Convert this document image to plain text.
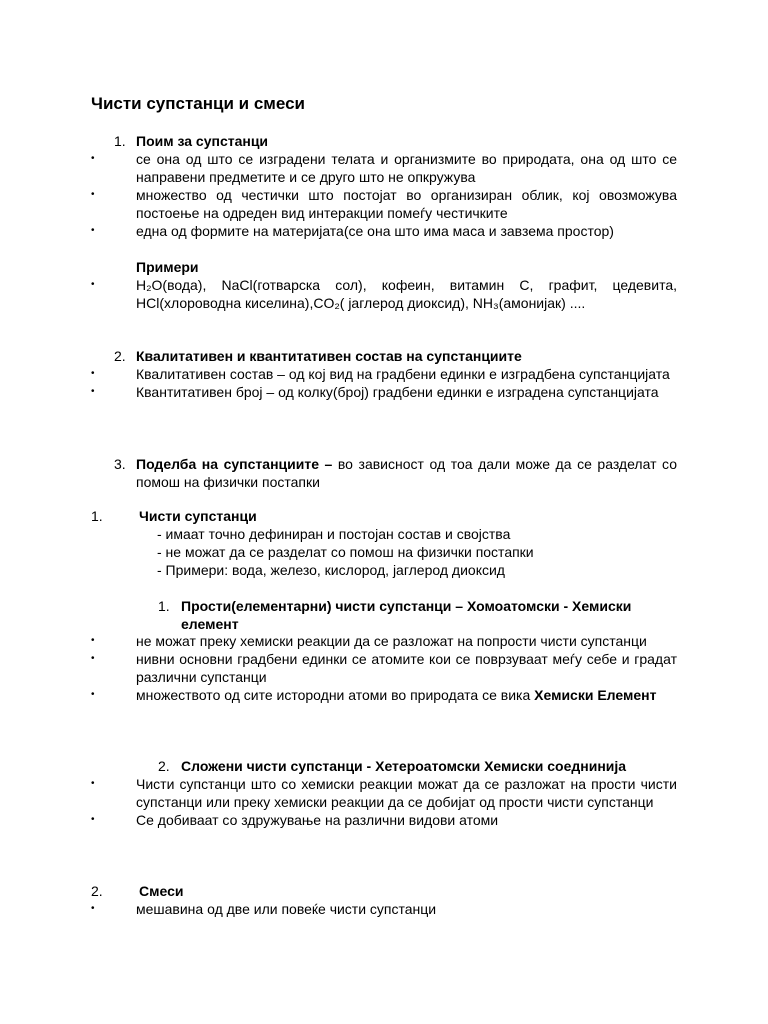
Чисти супстанци и смеси
1. Поим за супстанци
•	се она од што се изградени телата и организмите во природата, она од што се направени предметите и се друго што не опкружува
•	множество од честички што постојат во организиран облик, кој овозможува постоење на одреден вид интеракции помеѓу честичките
•	една од формите на материјата(се она што има маса и завзема простор)
Примери
•	H₂O(вода), NaCl(готварска сол), кофеин, витамин C, графит, цедевита, HCl(хлороводна киселина),CO₂( јаглерод диоксид), NH₃(амонијак) ....
2. Квалитативен и квантитативен состав на супстанциите
•	Квалитативен состав – од кој вид на градбени единки е изградбена супстанцијата
•	Квантитативен број – од колку(број) градбени единки е изградена супстанцијата
3. Поделба на супстанциите – во зависност од тоа дали може да се разделат со помош на физички постапки
1.	Чисти супстанци
- имаат точно дефиниран и постојан состав и својства
- не можат да се разделат со помош на физички постапки
- Примери: вода, железо, кислород, јаглерод диоксид
1. Прости(елементарни) чисти супстанци – Хомоатомски - Хемиски елемент
•	не можат преку хемиски реакции да се разложат на попрости чисти супстанци
•	нивни основни градбени единки се атомите кои се поврзуваат меѓу себе и градат различни супстанци
•	множеството од сите истородни атоми во природата се вика Хемиски Елемент
2. Сложени чисти супстанци - Хетероатомски Хемиски соеднинија
•	Чисти супстанци што со хемиски реакции можат да се разложат на прости чисти супстанци или преку хемиски реакции да се добијат од прости чисти супстанци
•	Се добиваат со здружување на различни видови атоми
2.	Смеси
•	мешавина од две или повеќе чисти супстанци
